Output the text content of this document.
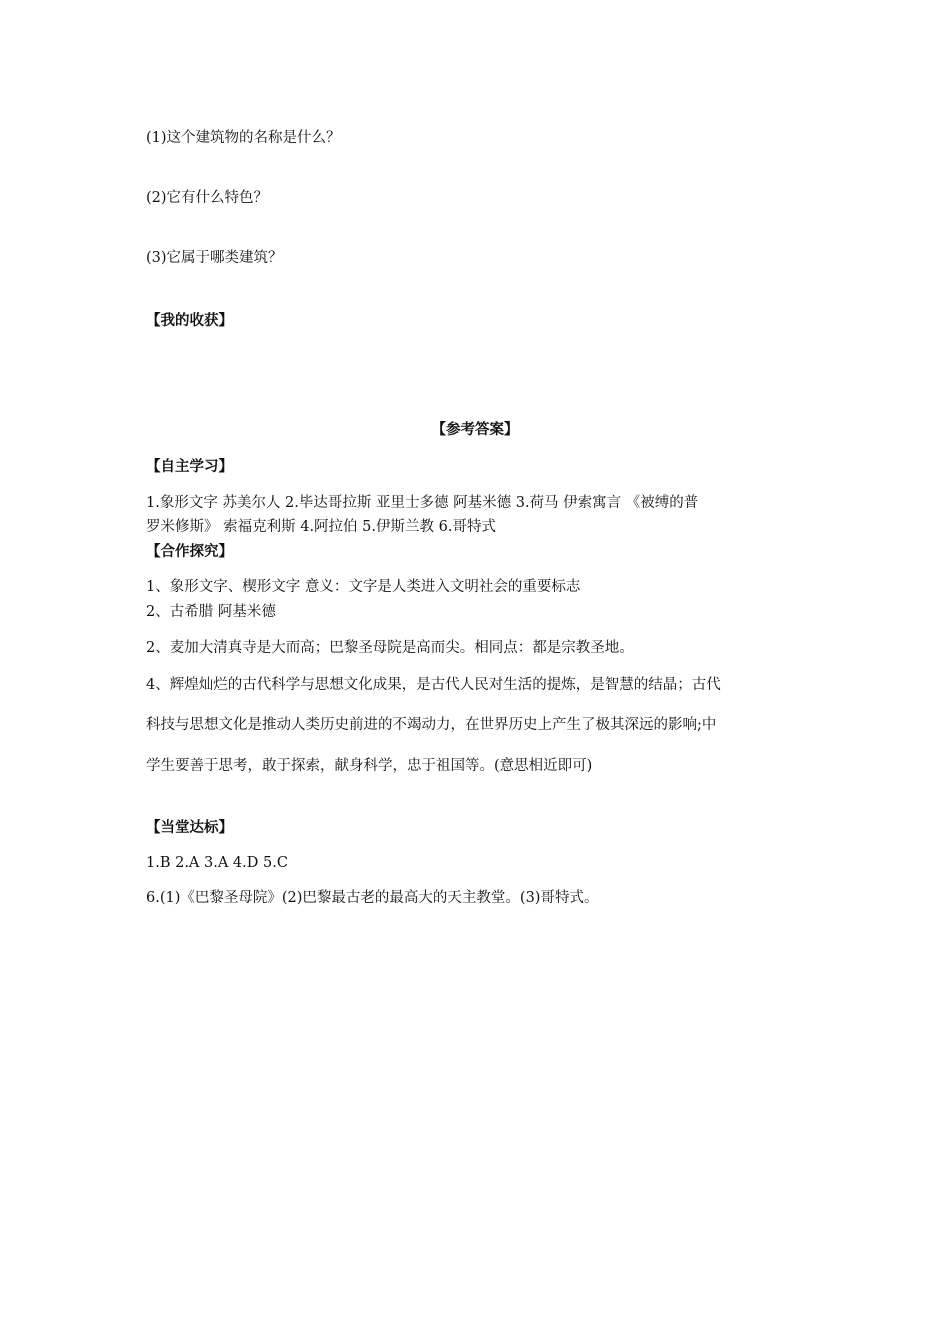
(1)这个建筑物的名称是什么？
(2)它有什么特色？
(3)它属于哪类建筑？
【我的收获】
【参考答案】
【自主学习】
1.象形文字 苏美尔人 2.毕达哥拉斯 亚里士多德 阿基米德 3.荷马 伊索寓言 《被缚的普
罗米修斯》 索福克利斯 4.阿拉伯 5.伊斯兰教 6.哥特式
【合作探究】
1、象形文字、楔形文字 意义：文字是人类进入文明社会的重要标志
2、古希腊 阿基米德
2、麦加大清真寺是大而高；巴黎圣母院是高而尖。相同点：都是宗教圣地。
4、辉煌灿烂的古代科学与思想文化成果，是古代人民对生活的提炼，是智慧的结晶；古代
科技与思想文化是推动人类历史前进的不竭动力，在世界历史上产生了极其深远的影响;中
学生要善于思考，敢于探索，献身科学，忠于祖国等。(意思相近即可)
【当堂达标】
1.B 2.A 3.A 4.D 5.C
6.(1)《巴黎圣母院》(2)巴黎最古老的最高大的天主教堂。(3)哥特式。
